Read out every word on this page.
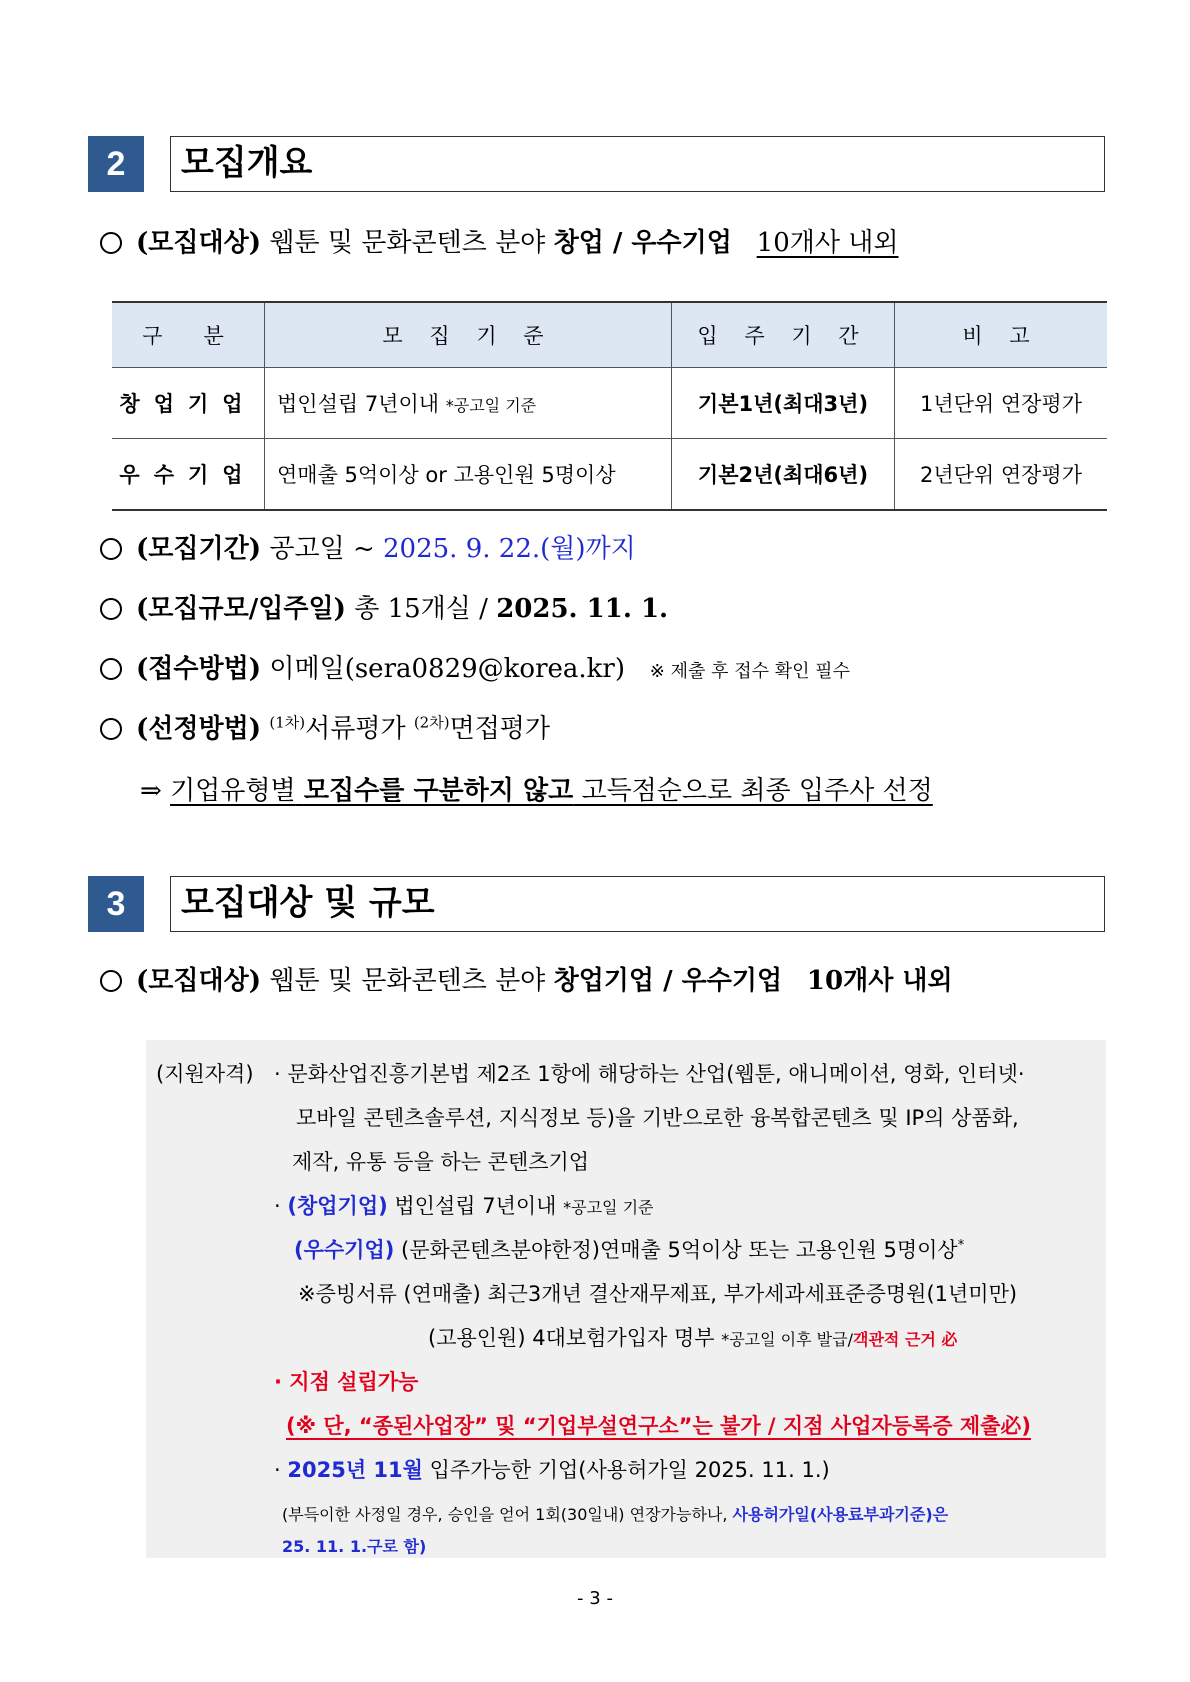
2	모집개요
(모집대상) 웹툰 및 문화콘텐츠 분야 창업 / 우수기업 10개사 내외
구　분	모 집 기 준	입 주 기 간	비 고
창업기업	법인설립 7년이내 *공고일 기준	기본1년(최대3년)	1년단위 연장평가
우수기업	연매출 5억이상 or 고용인원 5명이상	기본2년(최대6년)	2년단위 연장평가
(모집기간) 공고일 ~ 2025. 9. 22.(월)까지
(모집규모/입주일) 총 15개실 / 2025. 11. 1.
(접수방법) 이메일(sera0829@korea.kr) ※ 제출 후 접수 확인 필수
(선정방법) $^{(1차)}$서류평가 $^{(2차)}$면접평가
⇒ 기업유형별 모집수를 구분하지 않고 고득점순으로 최종 입주사 선정
3	모집대상 및 규모
(모집대상) 웹툰 및 문화콘텐츠 분야 창업기업 / 우수기업 10개사 내외
(지원자격) · 문화산업진흥기본법 제2조 1항에 해당하는 산업(웹툰, 애니메이션, 영화, 인터넷·
모바일 콘텐츠솔루션, 지식정보 등)을 기반으로한 융복합콘텐츠 및 IP의 상품화,
제작, 유통 등을 하는 콘텐츠기업
· (창업기업) 법인설립 7년이내 *공고일 기준
(우수기업) (문화콘텐츠분야한정)연매출 5억이상 또는 고용인원 5명이상*
※증빙서류 (연매출) 최근3개년 결산재무제표, 부가세과세표준증명원(1년미만)
(고용인원) 4대보험가입자 명부 *공고일 이후 발급/객관적 근거 必
· 지점 설립가능
(※ 단, “종된사업장” 및 “기업부설연구소”는 불가 / 지점 사업자등록증 제출必)
· 2025년 11월 입주가능한 기업(사용허가일 2025. 11. 1.)
(부득이한 사정일 경우, 승인을 얻어 1회(30일내) 연장가능하나, 사용허가일(사용료부과기준)은
25. 11. 1.구로 함)
- 3 -
